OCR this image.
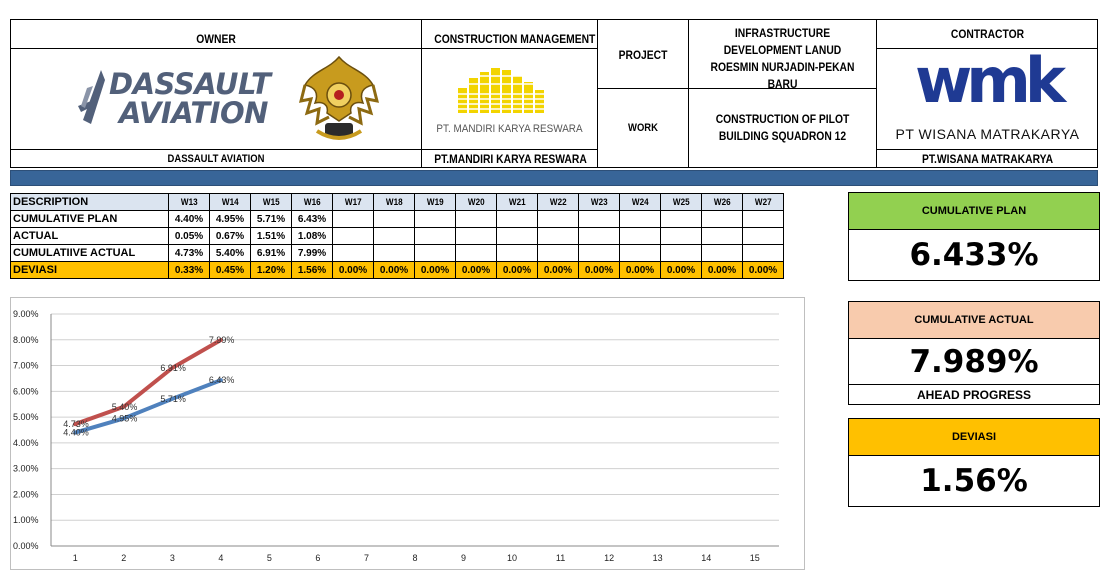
OWNER
DASSAULT
AVIATION
DASSAULT AVIATION
CONSTRUCTION MANAGEMENT
PT. MANDIRI KARYA RESWARA
PT.MANDIRI KARYA RESWARA
PROJECT
WORK
INFRASTRUCTURE DEVELOPMENT LANUD ROESMIN NURJADIN-PEKAN BARU
CONSTRUCTION OF PILOT BUILDING SQUADRON 12
CONTRACTOR
wmk
PT WISANA MATRAKARYA
PT.WISANA MATRAKARYA
DESCRIPTION	W13	W14	W15	W16	W17	W18	W19	W20	W21	W22	W23	W24	W25	W26	W27
CUMULATIVE PLAN	4.40%	4.95%	5.71%	6.43%											
ACTUAL	0.05%	0.67%	1.51%	1.08%											
CUMULATIIVE ACTUAL	4.73%	5.40%	6.91%	7.99%											
DEVIASI	0.33%	0.45%	1.20%	1.56%	0.00%	0.00%	0.00%	0.00%	0.00%	0.00%	0.00%	0.00%	0.00%	0.00%	0.00%
CUMULATIVE PLAN
6.433%
CUMULATIVE ACTUAL
7.989%
AHEAD PROGRESS
DEVIASI
1.56%
0.00%
1.00%
2.00%
3.00%
4.00%
5.00%
6.00%
7.00%
8.00%
9.00%
1	2	3	4	5	6	7	8	9	10	11	12	13	14	15
4.40%
4.95%
5.71%
6.43%
4.73%
5.40%
6.91%
7.99%
